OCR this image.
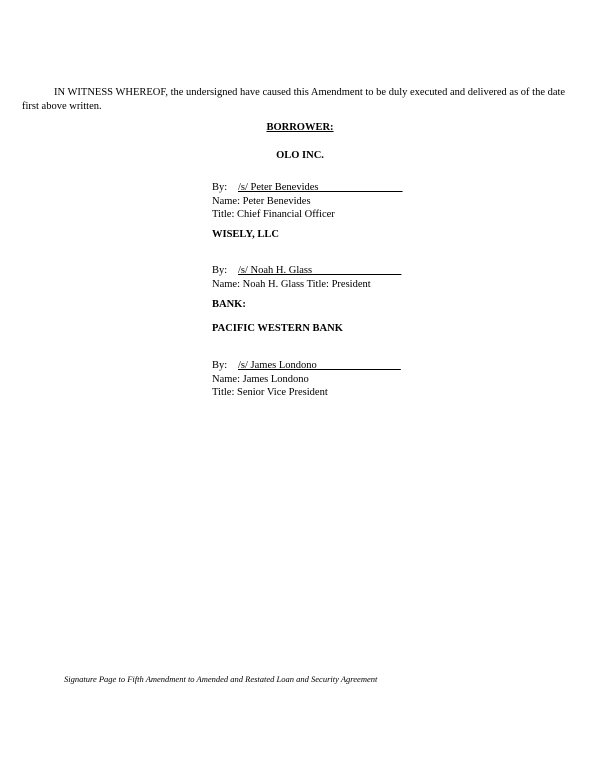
IN WITNESS WHEREOF, the undersigned have caused this Amendment to be duly executed and delivered as of the date first above written.
BORROWER:
OLO INC.
By: /s/ Peter Benevides________________
Name: Peter Benevides
Title: Chief Financial Officer
WISELY, LLC
By: /s/ Noah H. Glass_________________
Name: Noah H. Glass Title: President
BANK:
PACIFIC WESTERN BANK
By: /s/ James Londono________________
Name: James Londono
Title: Senior Vice President
Signature Page to Fifth Amendment to Amended and Restated Loan and Security Agreement
